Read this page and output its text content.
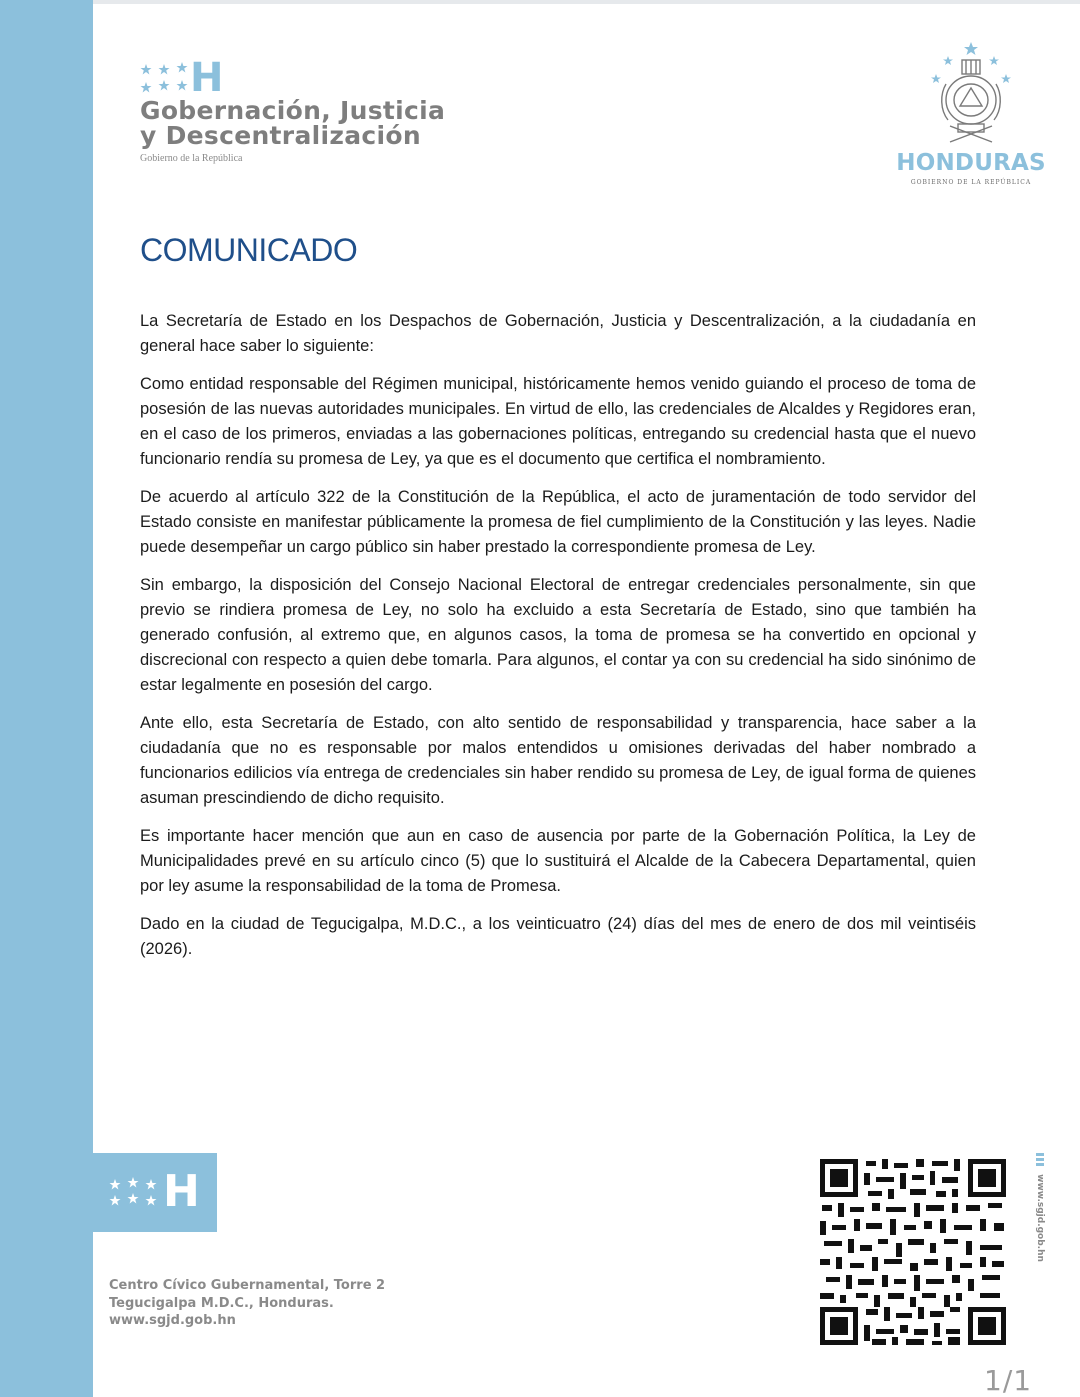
H
Gobernación, Justicia
y Descentralización
Gobierno de la República	HONDURAS
GOBIERNO DE LA REPÚBLICA
COMUNICADO

La Secretaría de Estado en los Despachos de Gobernación, Justicia y Descentralización, a la ciudadanía en general hace saber lo siguiente:

Como entidad responsable del Régimen municipal, históricamente hemos venido guiando el proceso de toma de posesión de las nuevas autoridades municipales. En virtud de ello, las credenciales de Alcaldes y Regidores eran, en el caso de los primeros, enviadas a las gobernaciones políticas, entregando su credencial hasta que el nuevo funcionario rendía su promesa de Ley, ya que es el documento que certifica el nombramiento.

De acuerdo al artículo 322 de la Constitución de la República, el acto de juramentación de todo servidor del Estado consiste en manifestar públicamente la promesa de fiel cumplimiento de la Constitución y las leyes. Nadie puede desempeñar un cargo público sin haber prestado la correspondiente promesa de Ley.

Sin embargo, la disposición del Consejo Nacional Electoral de entregar credenciales personalmente, sin que previo se rindiera promesa de Ley, no solo ha excluido a esta Secretaría de Estado, sino que también ha generado confusión, al extremo que, en algunos casos, la toma de promesa se ha convertido en opcional y discrecional con respecto a quien debe tomarla. Para algunos, el contar ya con su credencial ha sido sinónimo de estar legalmente en posesión del cargo.

Ante ello, esta Secretaría de Estado, con alto sentido de responsabilidad y transparencia, hace saber a la ciudadanía que no es responsable por malos entendidos u omisiones derivadas del haber nombrado a funcionarios edilicios vía entrega de credenciales sin haber rendido su promesa de Ley, de igual forma de quienes asuman prescindiendo de dicho requisito.

Es importante hacer mención que aun en caso de ausencia por parte de la Gobernación Política, la Ley de Municipalidades prevé en su artículo cinco (5) que lo sustituirá el Alcalde de la Cabecera Departamental, quien por ley asume la responsabilidad de la toma de Promesa.

Dado en la ciudad de Tegucigalpa, M.D.C., a los veinticuatro (24) días del mes de enero de dos mil veintiséis (2026).

H
Centro Cívico Gubernamental, Torre 2
Tegucigalpa M.D.C., Honduras.
www.sgjd.gob.hn
www.sgjd.gob.hn
1/1
